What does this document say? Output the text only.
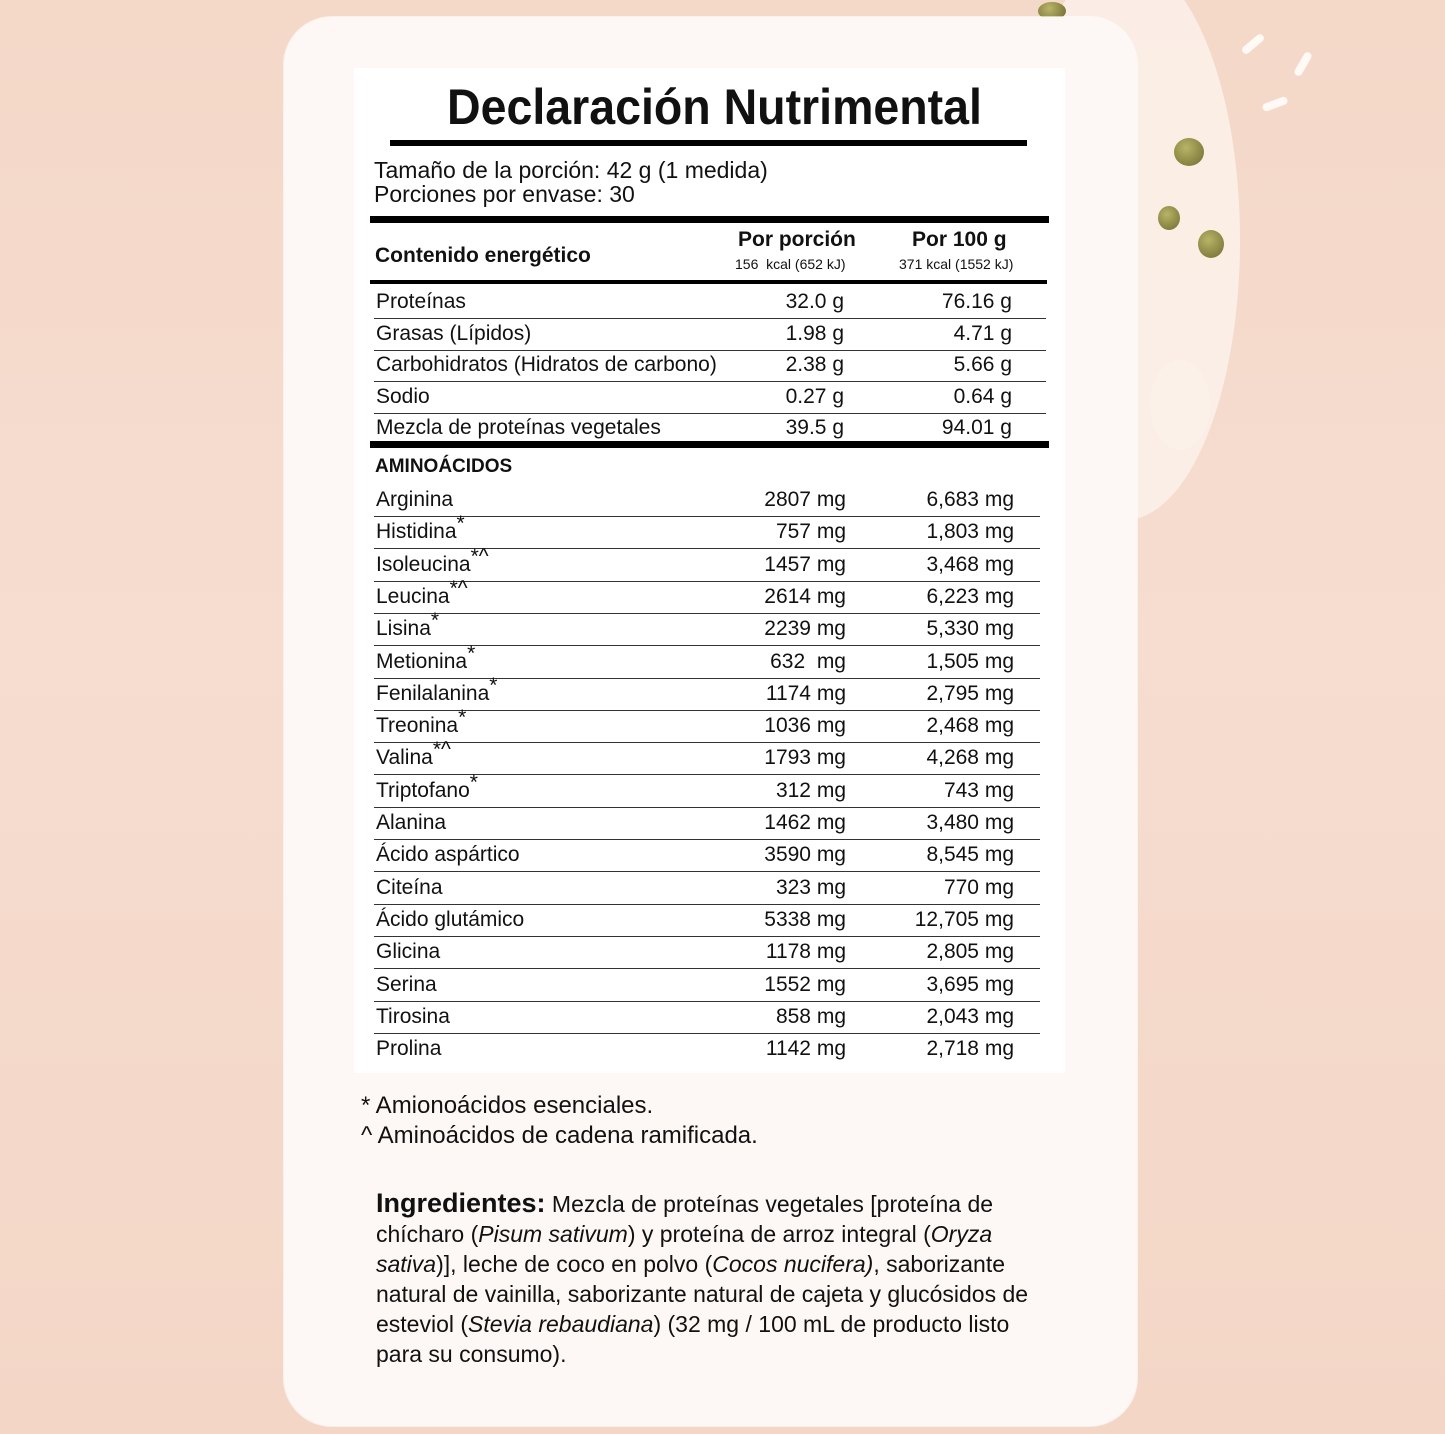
Declaración Nutrimental
Tamaño de la porción: 42 g (1 medida)
Porciones por envase: 30
Contenido energético
Por porción
156  kcal (652 kJ)
Por 100 g
371 kcal (1552 kJ)
Proteínas	32.0 g	76.16 g
Grasas (Lípidos)	1.98 g	4.71 g
Carbohidratos (Hidratos de carbono)	2.38 g	5.66 g
Sodio	0.27 g	0.64 g
Mezcla de proteínas vegetales	39.5 g	94.01 g
AMINOÁCIDOS
Arginina	2807 mg	6,683 mg
Histidina*	757 mg	1,803 mg
Isoleucina*^	1457 mg	3,468 mg
Leucina*^	2614 mg	6,223 mg
Lisina*	2239 mg	5,330 mg
Metionina*	632  mg	1,505 mg
Fenilalanina*	1174 mg	2,795 mg
Treonina*	1036 mg	2,468 mg
Valina*^	1793 mg	4,268 mg
Triptofano*	312 mg	743 mg
Alanina	1462 mg	3,480 mg
Ácido aspártico	3590 mg	8,545 mg
Citeína	323 mg	770 mg
Ácido glutámico	5338 mg	12,705 mg
Glicina	1178 mg	2,805 mg
Serina	1552 mg	3,695 mg
Tirosina	858 mg	2,043 mg
Prolina	1142 mg	2,718 mg
* Amionoácidos esenciales.
^ Aminoácidos de cadena ramificada.
Ingredientes: Mezcla de proteínas vegetales [proteína de chícharo (Pisum sativum) y proteína de arroz integral (Oryza sativa)], leche de coco en polvo (Cocos nucifera), saborizante natural de vainilla, saborizante natural de cajeta y glucósidos de esteviol (Stevia rebaudiana) (32 mg / 100 mL de producto listo para su consumo).
